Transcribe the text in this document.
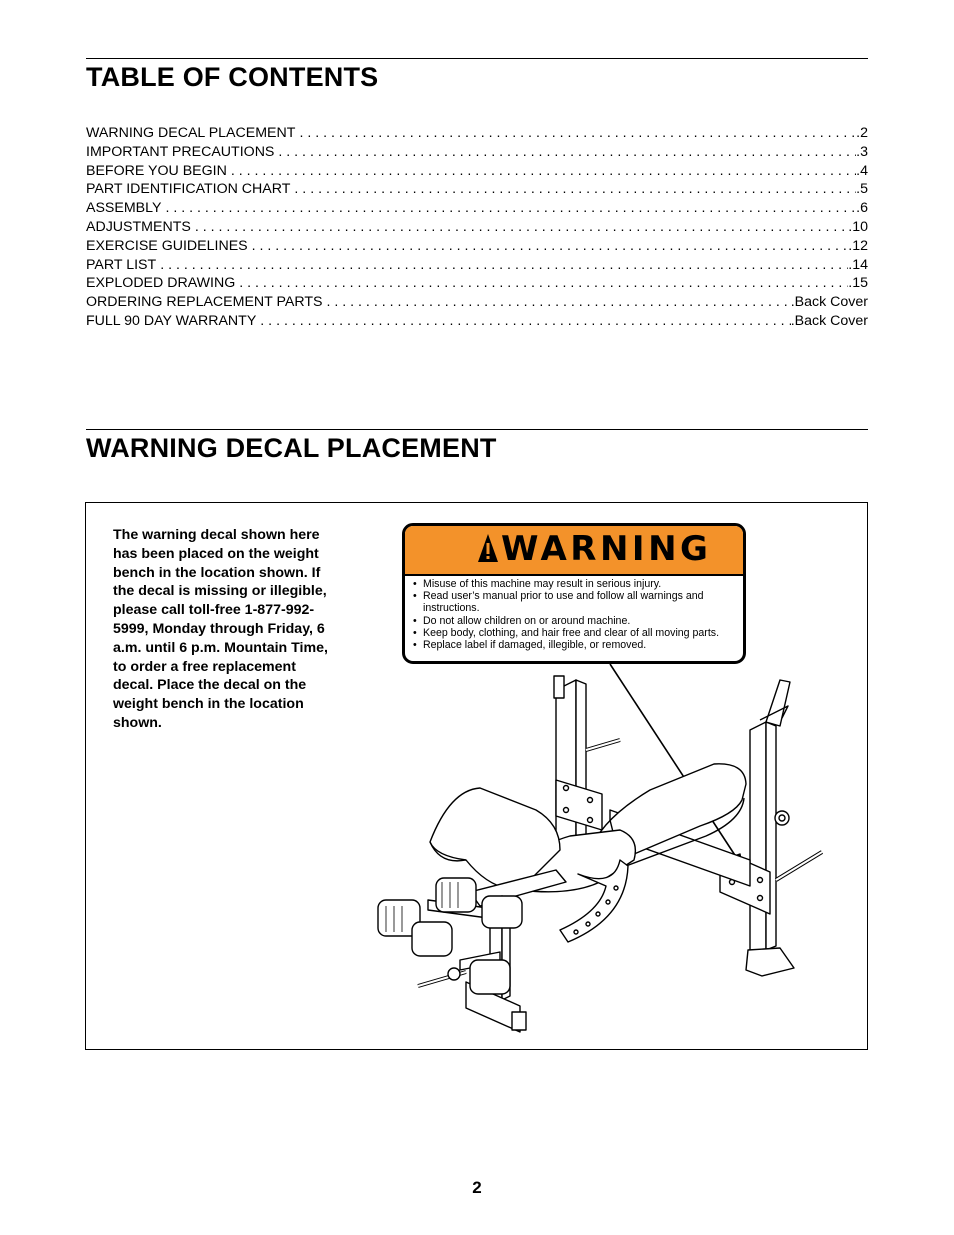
TABLE OF CONTENTS
WARNING DECAL PLACEMENT . . .	.2
IMPORTANT PRECAUTIONS . . .	.3
BEFORE YOU BEGIN . . .	.4
PART IDENTIFICATION CHART . . .	.5
ASSEMBLY . . .	.6
ADJUSTMENTS . . .	.10
EXERCISE GUIDELINES . . .	.12
PART LIST . . .	.14
EXPLODED DRAWING . . .	.15
ORDERING REPLACEMENT PARTS . . .	.Back Cover
FULL 90 DAY WARRANTY . . .	.Back Cover
WARNING DECAL PLACEMENT
The warning decal shown here has been placed on the weight bench in the location shown. If the decal is missing or illegible, please call toll-free 1-877-992-5999, Monday through Friday, 6 a.m. until 6 p.m. Mountain Time, to order a free replacement decal. Place the decal on the weight bench in the location shown.
WARNING
• Misuse of this machine may result in serious injury.
• Read user’s manual prior to use and follow all warnings and instructions.
• Do not allow children on or around machine.
• Keep body, clothing, and hair free and clear of all moving parts.
• Replace label if damaged, illegible, or removed.
2
